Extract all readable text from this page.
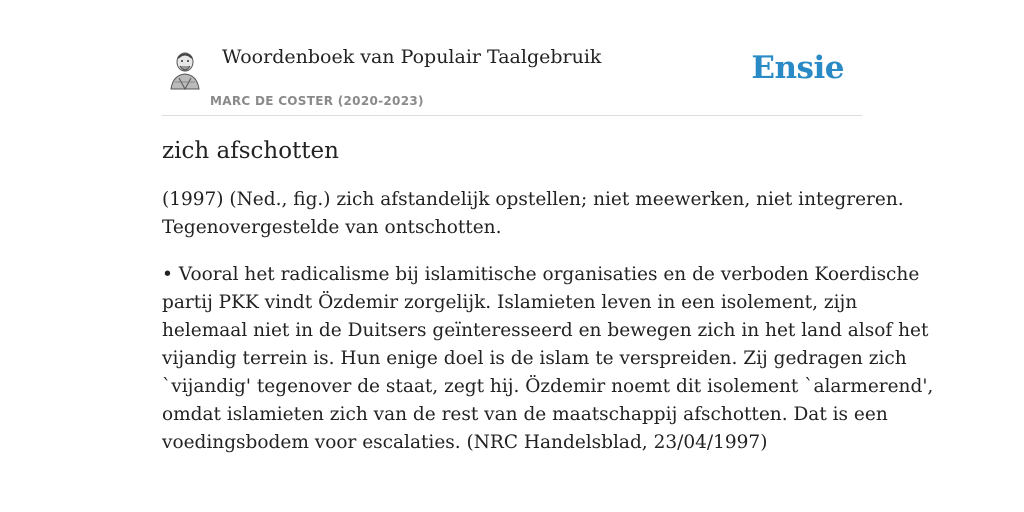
Woordenboek van Populair Taalgebruik
MARC DE COSTER (2020-2023)
Ensie
zich afschotten

(1997) (Ned., fig.) zich afstandelijk opstellen; niet meewerken, niet integreren.
Tegenovergestelde van ontschotten.

• Vooral het radicalisme bij islamitische organisaties en de verboden Koerdische
partij PKK vindt Özdemir zorgelijk. Islamieten leven in een isolement, zijn
helemaal niet in de Duitsers geïnteresseerd en bewegen zich in het land alsof het
vijandig terrein is. Hun enige doel is de islam te verspreiden. Zij gedragen zich
`vijandig' tegenover de staat, zegt hij. Özdemir noemt dit isolement `alarmerend',
omdat islamieten zich van de rest van de maatschappij afschotten. Dat is een
voedingsbodem voor escalaties. (NRC Handelsblad, 23/04/1997)
